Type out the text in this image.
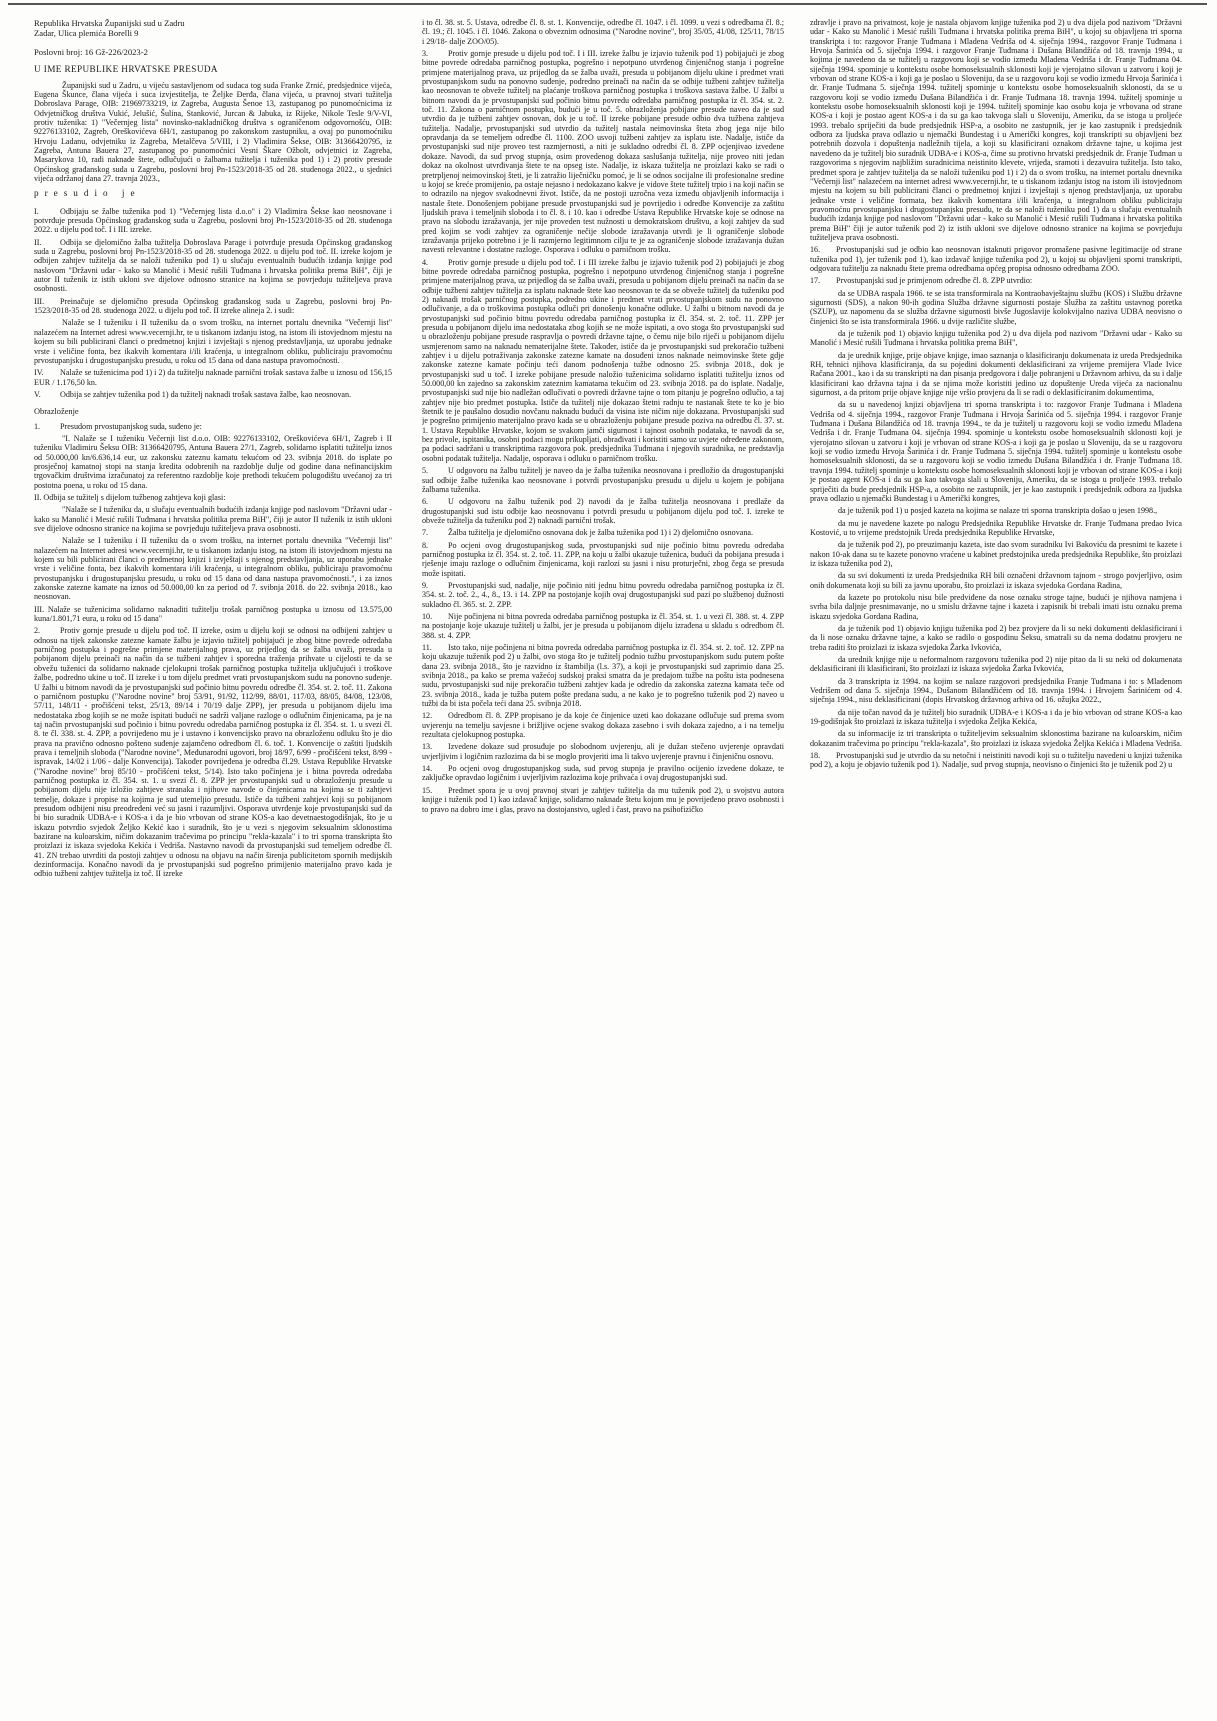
Republika Hrvatska Županijski sud u Zadru
Zadar, Ulica plemića Borelli 9
Poslovni broj: 16 Gž-226/2023-2
U IME REPUBLIKE HRVATSKE PRESUDA

Županijski sud u Zadru, u vijeću sastavljenom od sudaca tog suda Franke Zrnić, predsjednice vijeća, Eugena Škunce, člana vijeća i suca izvjestitelja, te Željke Đerđa, člana vijeća, u pravnoj stvari tužitelja Dobroslava Parage, OIB: 21969733219, iz Zagreba, Augusta Šenoe 13, zastupanog po punomoćnicima iz Odvjetničkog društva Vukić, Jelušić, Šulina, Stanković, Jurcan & Jabuka, iz Rijeke, Nikole Tesle 9/V-VI, protiv tuženika: 1) "Večernjeg lista" novinsko-nakladničkog društva s ograničenom odgovornošću, OIB: 92276133102, Zagreb, Oreškovićeva 6H/1, zastupanog po zakonskom zastupniku, a ovaj po punomoćniku Hrvoju Ladanu, odvjetniku iz Zagreba, Metalčeva 5/VIII, i 2) Vladimira Šekse, OIB: 31366420795, iz Zagreba, Antuna Bauera 27, zastupanog po punomoćnici Vesni Škare Ožbolt, odvjetnici iz Zagreba, Masarykova 10, radi naknade štete, odlučujući o žalbama tužitelja i tuženika pod 1) i 2) protiv presude Općinskog građanskog suda u Zagrebu, poslovni broj Pn-1523/2018-35 od 28. studenoga 2022., u sjednici vijeća održanoj dana 27. travnja 2023.,

presudio je

I.	Odbijaju se žalbe tuženika pod 1) "Večernjeg lista d.o.o" i 2) Vladimira Šekse kao neosnovane i potvrđuje presuda Općinskog građanskog suda u Zagrebu, poslovni broj Pn-1523/2018-35 od 28. studenoga 2022. u dijelu pod toč. I i III. izreke.

II. Odbija se djelomično žalba tužitelja Dobroslava Parage i potvrđuje presuda Općinskog građanskog suda u Zagrebu, poslovni broj Pn-1523/2018-35 od 28. studenoga 2022. u dijelu pod toč. II. izreke kojom je odbijen zahtjev tužitelja da se naloži tuženiku pod 1) u slučaju eventualnih budućih izdanja knjige pod naslovom "Državni udar - kako su Manolić i Mesić rušili Tuđmana i hrvatska politika prema BiH", čiji je autor II tuženik iz istih ukloni sve dijelove odnosno stranice na kojima se povrjeđuju tužiteljeva prava osobnosti.

III. Preinačuje se djelomično presuda Općinskog građanskog suda u Zagrebu, poslovni broj Pn-1523/2018-35 od 28. studenoga 2022. u dijelu pod toč. II izreke alineja 2. i sudi:

Nalaže se I tuženiku i II tuženiku da o svom trošku, na internet portalu dnevnika "Večernji list" nalazećem na Internet adresi www.vecernji.hr, te u tiskanom izdanju istog, na istom ili istovjednom mjestu na kojem su bili publicirani članci o predmetnoj knjizi i izvještaji s njenog predstavljanja, uz uporabu jednake vrste i veličine fonta, bez ikakvih komentara i/ili kraćenja, u integralnom obliku, publiciraju pravomoćnu prvostupanjsku i drugostupanjsku presudu, u roku od 15 dana od dana nastupa pravomoćnosti.

IV. Nalaže se tuženicima pod 1) i 2) da tužitelju naknade parnični trošak sastava žalbe u iznosu od 156,15 EUR / 1.176,50 kn.

V. Odbija se zahtjev tuženika pod 1) da tužitelj naknadi trošak sastava žalbe, kao neosnovan.

Obrazloženje

1. Presudom prvostupanjskog suda, suđeno je:

"I. Nalaže se I tuženiku Večernji list d.o.o. OIB: 92276133102, Oreškovićeva 6H/1, Zagreb i II tuženiku Vladimiru Šeksu OIB: 31366420795, Antuna Bauera 27/1, Zagreb, solidarno isplatiti tužitelju iznos od 50.000,00 kn/6.636,14 eur, uz zakonsku zateznu kamatu tekućom od 23. svibnja 2018. do isplate po prosječnoj kamatnoj stopi na stanja kredita odobrenih na razdoblje dulje od godine dana nefinancijskim trgovačkim društvima izračunatoj za referentno razdoblje koje prethodi tekućem polugodištu uvećanoj za tri postotna poena, u roku od 15 dana.

II. Odbija se tužitelj s dijelom tužbenog zahtjeva koji glasi:

"Nalaže se I tuženiku da, u slučaju eventualnih budućih izdanja knjige pod naslovom "Državni udar - kako su Manolić i Mesić rušili Tuđmana i hrvatska politika prema BiH", čiji je autor II tuženik iz istih ukloni sve dijelove odnosno stranice na kojima se povrjeđuju tužiteljeva prava osobnosti.

Nalaže se I tuženiku i II tuženiku da o svom trošku, na internet portalu dnevnika "Večernji list" nalazećem na Internet adresi www.vecernji.hr, te u tiskanom izdanju istog, na istom ili istovjednom mjestu na kojem su bili publicirani članci o predmetnoj knjizi i izvještaji s njenog predstavljanja, uz uporabu jednake vrste i veličine fonta, bez ikakvih komentara i/ili kraćenja, u integralnom obliku, publiciraju pravomoćnu prvostupanjsku i drugostupanjsku presudu, u roku od 15 dana od dana nastupa pravomoćnosti.", i za iznos zakonske zatezne kamate na iznos od 50.000,00 kn za period od 7. svibnja 2018. do 22. svibnja 2018., kao neosnovan.

III. Nalaže se tuženicima solidarno naknaditi tužitelju trošak parničnog postupka u iznosu od 13.575,00 kuna/1.801,71 eura, u roku od 15 dana"

2. Protiv gornje presude u dijelu pod toč. II izreke, osim u dijelu koji se odnosi na odbijeni zahtjev u odnosu na tijek zakonske zatezne kamate žalbu je izjavio tužitelj pobijajući je zbog bitne povrede odredaba parničnog postupka i pogrešne primjene materijalnog prava, uz prijedlog da se žalba uvaži, presuda u pobijanom dijelu preinači na način da se tužbeni zahtjev i sporedna traženja prihvate u cijelosti te da se obvežu tuženici da solidarno naknade cjelokupni trošak parničnog postupka tužitelja uključujući i troškove žalbe, podredno ukine u toč. II izreke i u tom dijelu predmet vrati prvostupanjskom sudu na ponovno suđenje. U žalbi u bitnom navodi da je prvostupanjski sud počinio bitnu povredu odredbe čl. 354. st. 2. toč. 11. Zakona o parničnom postupku ("Narodne novine" broj 53/91, 91/92, 112/99, 88/01, 117/03, 88/05, 84/08, 123/08, 57/11, 148/11 - pročišćeni tekst, 25/13, 89/14 i 70/19 dalje ZPP), jer presuda u pobijanom dijelu ima nedostataka zbog kojih se ne može ispitati budući ne sadrži valjane razloge o odlučnim činjenicama, pa je na taj način prvostupanjski sud počinio i bitnu povredu odredaba parničnog postupka iz čl. 354. st. 1. u svezi čl. 8. te čl. 338. st. 4. ZPP, a povrijeđeno mu je i ustavno i konvencijsko pravo na obrazloženu odluku što je dio prava na pravično odnosno pošteno suđenje zajamčeno odredbom čl. 6. toč. 1. Konvencije o zaštiti ljudskih prava i temeljnih sloboda ("Narodne novine", Međunarodni ugovori, broj 18/97, 6/99 - pročišćeni tekst, 8/99 - ispravak, 14/02 i 1/06 - dalje Konvencija). Također povrijeđena je odredba čl.29. Ustava Republike Hrvatske ("Narodne novine" broj 85/10 - pročišćeni tekst, 5/14). Isto tako počinjena je i bitna povreda odredaba parničnog postupka iz čl. 354. st. 1. u svezi čl. 8. ZPP jer prvostupanjski sud u obrazloženju presude u pobijanom dijelu nije izložio zahtjeve stranaka i njihove navode o činjenicama na kojima se ti zahtjevi temelje, dokaze i propise na kojima je sud utemeljio presudu. Ističe da tužbeni zahtjevi koji su pobijanom presudom odbijeni nisu preodređeni već su jasni i razumljivi. Osporava utvrđenje koje prvostupanjski sud da bi bio suradnik UDBA-e i KOS-a i da je bio vrbovan od strane KOS-a kao devetnaestogodišnjak, što je u iskazu potvrdio svjedok Željko Kekić kao i suradnik, što je u vezi s njegovim seksualnim sklonostima bazirane na kuloarskim, ničim dokazanim tračevima po principu "rekla-kazala" i to tri sporna transkripta što proizlazi iz iskaza svjedoka Kekića i Vedriša. Nastavno navodi da prvostupanjski sud temeljem odredbe čl. 41. ZN trebao utvrditi da postoji zahtjev u odnosu na objavu na način širenja publicitetom spornih medijskih dezinformacija. Konačno navodi da je prvostupanjski sud pogrešno primijenio materijalno pravo kada je odbio tužbeni zahtjev tužitelja iz toč. II izreke

i to čl. 38. st. 5. Ustava, odredbe čl. 8. st. 1. Konvencije, odredbe čl. 1047. i čl. 1099. u vezi s odredbama čl. 8.; čl. 19.; čl. 1045. i čl. 1046. Zakona o obveznim odnosima ("Narodne novine", broj 35/05, 41/08, 125/11, 78/15 i 29/18- dalje ZOO/05).

3. Protiv gornje presude u dijelu pod toč. I i III. izreke žalbu je izjavio tuženik pod 1) pobijajući je zbog bitne povrede odredaba parničnog postupka, pogrešno i nepotpuno utvrđenog činjeničnog stanja i pogrešne primjene materijalnog prava, uz prijedlog da se žalba uvaži, presuda u pobijanom dijelu ukine i predmet vrati prvostupanjskom sudu na ponovno suđenje, podredno preinači na način da se odbije tužbeni zahtjev tužitelja kao neosnovan te obveže tužitelj na plaćanje troškova parničnog postupka i troškova sastava žalbe. U žalbi u bitnom navodi da je prvostupanjski sud počinio bitnu povredu odredaba parničnog postupka iz čl. 354. st. 2. toč. 11. Zakona o parničnom postupku, budući je u toč. 5. obrazloženja pobijane presude naveo da je sud utvrdio da je tužbeni zahtjev osnovan, dok je u toč. II izreke pobijane presude odbio dva tužbena zahtjeva tužitelja. Nadalje, prvostupanjski sud utvrdio da tužitelj nastala neimovinska šteta zbog jega nije bilo opravdanja da se temeljem odredbe čl. 1100. ZOO usvoji tužbeni zahtjev za isplatu iste. Nadalje, ističe da prvostupanjski sud nije proveo test razmjernosti, a niti je sukladno odredbi čl. 8. ZPP ocjenjivao izvedene dokaze. Navodi, da sud prvog stupnja, osim provedenog dokaza saslušanja tužitelja, nije proveo niti jedan dokaz na okolnost utvrđivanja štete te na opseg iste. Nadalje, iz iskaza tužitelja ne proizlazi kako se radi o pretrpljenoj neimovinskoj šteti, je li zatražio liječničku pomoć, je li se odnos socijalne ili profesionalne sredine u kojoj se kreće promijenio, pa ostaje nejasno i nedokazano kakve je vidove štete tužitelj trpio i na koji način se to odrazilo na njegov svakodnevni život. Ističe, da ne postoji uzročna veza između objavljenih informacija i nastale štete. Donošenjem pobijane presude prvostupanjski sud je povrijedio i odredbe Konvencije za zaštitu ljudskih prava i temeljnih sloboda i to čl. 8. i 10. kao i odredbe Ustava Republike Hrvatske koje se odnose na pravo na slobodu izražavanja, jer nije proveden test nužnosti u demokratskom društvu, a koji zahtjev da sud pred kojim se vodi zahtjev za ograničenje nečije slobode izražavanja utvrdi je li ograničenje slobode izražavanja prijeko potrebno i je li razmjerno legitimnom cilju te je za ograničenje slobode izražavanja dužan navesti relevantne i dostatne razloge. Osporava i odluku o parničnom trošku.

4. Protiv gornje presude u dijelu pod toč. I i III izreke žalbu je izjavio tuženik pod 2) pobijajući je zbog bitne povrede odredaba parničnog postupka, pogrešno i nepotpuno utvrđenog činjeničnog stanja i pogrešne primjene materijalnog prava, uz prijedlog da se žalba uvaži, presuda u pobijanom dijelu preinači na način da se odbije tužbeni zahtjev tužitelja za isplatu naknade štete kao neosnovan te da se obveže tužitelj da tuženiku pod 2) naknadi trošak parničnog postupka, podredno ukine i predmet vrati prvostupanjskom sudu na ponovno odlučivanje, a da o troškovima postupka odluči pri donošenju konačne odluke. U žalbi u bitnom navodi da je prvostupanjski sud počinio bitnu povredu odredaba parničnog postupka iz čl. 354. st. 2. toč. 11. ZPP jer presuda u pobijanom dijelu ima nedostataka zbog kojih se ne može ispitati, a ovo stoga što prvostupanjski sud u obrazloženju pobijane presude raspravlja o povredi državne tajne, o čemu nije bilo riječi u pobijanom dijelu usmjerenom samo na naknadu nematerijalne štete. Također, ističe da je prvostupanjski sud prekoračio tužbeni zahtjev i u dijelu potraživanja zakonske zatezne kamate na dosuđeni iznos naknade neimovinske štete gdje zakonske zatezne kamate počinju teći danom podnošenja tužbe odnosno 25. svibnja 2018., dok je prvostupanjski sud u toč. I izreke pobijane presude naložio tuženicima solidarno isplatiti tužitelju iznos od 50.000,00 kn zajedno sa zakonskim zateznim kamatama tekućim od 23. svibnja 2018. pa do isplate. Nadalje, prvostupanjski sud nije bio nadležan odlučivati o povredi državne tajne o tom pitanju je pogrešno odlučio, a taj zahtjev nije bio predmet postupka. Ističe da tužitelj nije dokazao štetni radnju te nastanak štete te ko je bio štetnik te je paušalno dosudio novčanu naknadu budući da visina iste ničim nije dokazana. Prvostupanjski sud je pogrešno primijenio materijalno pravo kada se u obrazloženju pobijane presude poziva na odredbu čl. 37. st. 1. Ustava Republike Hrvatske, kojom se svakom jamči sigurnost i tajnost osobnih podataka, te navodi da se, bez privole, ispitanika, osobni podaci mogu prikupljati, obrađivati i koristiti samo uz uvjete određene zakonom, pa podaci sadržani u transkriptima razgovora pok. predsjednika Tuđmana i njegovih suradnika, ne predstavlja osobni podatak tužitelja. Nadalje, osporava i odluku o parničnom trošku.

5. U odgovoru na žalbu tužitelj je naveo da je žalba tuženika neosnovana i predložio da drugostupanjski sud odbije žalbe tuženika kao neosnovane i potvrdi prvostupanjsku presudu u dijelu u kojem je pobijana žalbama tuženika.

6. U odgovoru na žalbu tuženik pod 2) navodi da je žalba tužitelja neosnovana i predlaže da drugostupanjski sud istu odbije kao neosnovanu i potvrdi presudu u pobijanom dijelu pod toč. I. izreke te obveže tužitelja da tuženiku pod 2) naknadi parnični trošak.

7. Žalba tužitelja je djelomično osnovana dok je žalba tuženika pod 1) i 2) djelomično osnovana.

8. Po ocjeni ovog drugostupanjskog suda, prvostupanjski sud nije počinio bitnu povredu odredaba parničnog postupka iz čl. 354. st. 2. toč. 11. ZPP, na koju u žalbi ukazuje tuženica, budući da pobijana presuda i rješenje imaju razloge o odlučnim činjenicama, koji razlozi su jasni i nisu proturječni, zbog čega se presuda može ispitati.

9. Prvostupanjski sud, nadalje, nije počinio niti jednu bitnu povredu odredaba parničnog postupka iz čl. 354. st. 2. toč. 2., 4., 8., 13. i 14. ZPP na postojanje kojih ovaj drugostupanjski sud pazi po službenoj dužnosti sukladno čl. 365. st. 2. ZPP.

10. Nije počinjena ni bitna povreda odredaba parničnog postupka iz čl. 354. st. 1. u vezi čl. 388. st. 4. ZPP na postojanje koje ukazuje tužitelj u žalbi, jer je presuda u pobijanom dijelu izrađena u skladu s odredbom čl. 388. st. 4. ZPP.

11. Isto tako, nije počinjena ni bitna povreda odredaba parničnog postupka iz čl. 354. st. 2. toč. 12. ZPP na koju ukazuje tuženik pod 2) u žalbi, ovo stoga što je tužitelj podnio tužbu prvostupanjskom sudu putem pošte dana 23. svibnja 2018., što je razvidno iz štambilja (l.s. 37), a koji je prvostupanjski sud zaprimio dana 25. svibnja 2018., pa kako se prema važećoj sudskoj praksi smatra da je predajom tužbe na poštu ista podnesena sudu, prvostupanjski sud nije prekoračio tužbeni zahtjev kada je odredio da zakonska zatezna kamata teče od 23. svibnja 2018., kada je tužba putem pošte predana sudu, a ne kako je to pogrešno tuženik pod 2) naveo u tužbi da bi ista počela teći dana 25. svibnja 2018.

12. Odredbom čl. 8. ZPP propisano je da koje će činjenice uzeti kao dokazane odlučuje sud prema svom uvjerenju na temelju savjesne i brižljive ocjene svakog dokaza zasebno i svih dokaza zajedno, a i na temelju rezultata cjelokupnog postupka.

13. Izvedene dokaze sud prosuđuje po slobodnom uvjerenju, ali je dužan stečeno uvjerenje opravdati uvjerljivim i logičnim razlozima da bi se moglo provjeriti ima li takvo uvjerenje pravnu i činjeničnu osnovu.

14. Po ocjeni ovog drugostupanjskog suda, sud prvog stupnja je pravilno ocijenio izvedene dokaze, te zaključke opravdao logičnim i uvjerljivim razlozima koje prihvaća i ovaj drugostupanjski sud.

15. Predmet spora je u ovoj pravnoj stvari je zahtjev tužitelja da mu tuženik pod 2), u svojstvu autora knjige i tuženik pod 1) kao izdavač knjige, solidarno naknade štetu kojom mu je povrijeđeno pravo osobnosti i to pravo na dobro ime i glas, pravo na dostojanstvo, ugled i čast, pravo na psihofizičko

zdravlje i pravo na privatnost, koje je nastala objavom knjige tuženika pod 2) u dva dijela pod nazivom "Državni udar - Kako su Manolić i Mesić rušili Tuđmana i hrvatska politika prema BiH", u kojoj su objavljena tri sporna transkripta i to: razgovor Franje Tuđmana i Mladena Vedriša od 4. siječnja 1994., razgovor Franje Tuđmana i Hrvoja Šarinića od 5. siječnja 1994. i razgovor Franje Tuđmana i Dušana Bilandžića od 18. travnja 1994., u kojima je navedeno da se tužitelj u razgovoru koji se vodio između Mladena Vedriša i dr. Franje Tuđmana 04. siječnja 1994. spominje u kontekstu osobe homoseksualnih sklonosti koji je vjerojatno silovan u zatvoru i koji je vrbovan od strane KOS-a i koji ga je poslao u Sloveniju, da se u razgovoru koji se vodio između Hrvoja Šarinića i dr. Franje Tuđmana 5. siječnja 1994. tužitelj spominje u kontekstu osobe homoseksualnih sklonosti, da se u razgovoru koji se vodio između Dušana Bilandžića i dr. Franje Tuđmana 18. travnja 1994. tužitelj spominje u kontekstu osobe homoseksualnih sklonosti koji je 1994. tužitelj spominje kao osobu koja je vrbovana od strane KOS-a i koji je postao agent KOS-a i da su ga kao takvoga slali u Sloveniju, Ameriku, da se istoga u proljeće 1993. trebalo spriječiti da bude predsjednik HSP-a, a osobito ne zastupnik, jer je kao zastupnik i predsjednik odbora za ljudska prava odlazio u njemački Bundestag i u Američki kongres, koji transkripti su objavljeni bez potrebnih dozvola i dopuštenja nadležnih tijela, a koji su klasificirani oznakom državne tajne, u kojima jest navedeno da je tužitelj bio suradnik UDBA-e i KOS-a, čime su protivno hrvatski predsjednik dr. Franje Tuđman u razgovorima s njegovim najbližim suradnicima neistinito klevete, vrijeđa, sramoti i dezavuira tužitelja. Isto tako, predmet spora je zahtjev tužitelja da se naloži tuženiku pod 1) i 2) da o svom trošku, na internet portalu dnevnika "Večernji list" nalazećem na internet adresi www.vecernji.hr, te u tiskanom izdanju istog na istom ili istovjednom mjestu na kojem su bili publicirani članci o predmetnoj knjizi i izvještaji s njenog predstavljanja, uz uporabu jednake vrste i veličine formata, bez ikakvih komentara i/ili kraćenja, u integralnom obliku publiciraju pravomoćnu prvostupanjsku i drugostupanjsku presudu, te da se naloži tuženiku pod 1) da u slučaju eventualnih budućih izdanja knjige pod naslovom "Državni udar - kako su Manolić i Mesić rušili Tuđmana i hrvatska politika prema BiH" čiji je autor tuženik pod 2) iz istih ukloni sve dijelove odnosno stranice na kojima se povrjeđuju tužiteljeva prava osobnosti.

16. Prvostupanjski sud je odbio kao neosnovan istaknuti prigovor promašene pasivne legitimacije od strane tuženika pod 1), jer tuženik pod 1), kao izdavač knjige tuženika pod 2), u kojoj su objavljeni sporni transkripti, odgovara tužitelju za naknadu štete prema odredbama općeg propisa odnosno odredbama ZOO.

17. Prvostupanjski sud je primjenom odredbe čl. 8. ZPP utvrdio:

da se UDBA raspala 1966. te se ista transformirala na Kontraobavještajnu službu (KOS) i Službu državne sigurnosti (SDS), a nakon 90-ih godina Služba državne sigurnosti postaje Služba za zaštitu ustavnog poretka (SZUP), uz napomenu da se služba državne sigurnosti bivše Jugoslavije kolokvijalno naziva UDBA neovisno o činjenici što se ista transformirala 1966. u dvije različite službe,

da je tuženik pod 1) objavio knjigu tuženika pod 2) u dva dijela pod nazivom "Državni udar - Kako su Manolić i Mesić rušili Tuđmana i hrvatska politika prema BiH",

da je urednik knjige, prije objave knjige, imao saznanja o klasificiranju dokumenata iz ureda Predsjednika RH, tehnici njihova klasificiranja, da su pojedini dokumenti deklasificirani za vrijeme premijera Vlade Ivice Račana 2001., kao i da su transkripti na dan pisanja predgovora i dalje pohranjeni u Državnom arhivu, da su i dalje klasificirani kao državna tajna i da se njima može koristiti jedino uz dopuštenje Ureda vijeća za nacionalnu sigurnost, a da pritom prije objave knjige nije vršio provjeru da li se radi o deklasificiranim dokumentima,

da su u navedenoj knjizi objavljena tri sporna transkripta i to: razgovor Franje Tuđmana i Mladena Vedriša od 4. siječnja 1994., razgovor Franje Tuđmana i Hrvoja Šarinića od 5. siječnja 1994. i razgovor Franje Tuđmana i Dušana Bilandžića od 18. travnja 1994., te da je tužitelj u razgovoru koji se vodio između Mladena Vedriša i dr. Franje Tuđmana 04. siječnja 1994. spominje u kontekstu osobe homoseksualnih sklonosti koji je vjerojatno silovan u zatvoru i koji je vrbovan od strane KOS-a i koji ga je poslao u Sloveniju, da se u razgovoru koji se vodio između Hrvoja Šarinića i dr. Franje Tuđmana 5. siječnja 1994. tužitelj spominje u kontekstu osobe homoseksualnih sklonosti, da se u razgovoru koji se vodio između Dušana Bilandžića i dr. Franje Tuđmana 18. travnja 1994. tužitelj spominje u kontekstu osobe homoseksualnih sklonosti koji je vrbovan od strane KOS-a i koji je postao agent KOS-a i da su ga kao takvoga slali u Sloveniju, Ameriku, da se istoga u proljeće 1993. trebalo spriječiti da bude predsjednik HSP-a, a osobito ne zastupnik, jer je kao zastupnik i predsjednik odbora za ljudska prava odlazio u njemački Bundestag i u Američki kongres,

da je tuženik pod 1) u posjed kazeta na kojima se nalaze tri sporna transkripta došao u jesen 1998.,

da mu je navedene kazete po nalogu Predsjednika Republike Hrvatske dr. Franje Tuđmana predao Ivica Kostović, u to vrijeme predstojnik Ureda predsjednika Republike Hrvatske,

da je tuženik pod 2), po preuzimanju kazeta, iste dao svom suradniku Ivi Bakoviću da presnimi te kazete i nakon 10-ak dana su te kazete ponovno vraćene u kabinet predstojnika ureda predsjednika Republike, što proizlazi iz iskaza tuženika pod 2),

da su svi dokumenti iz ureda Predsjednika RH bili označeni državnom tajnom - strogo povjerljivo, osim onih dokumenata koji su bili za javnu uporabu, što proizlazi iz iskaza svjedoka Gordana Radina,

da kazete po protokolu nisu bile predviđene da nose oznaku stroge tajne, budući je njihova namjena i svrha bila daljnje presnimavanje, no u smislu državne tajne i kazeta i zapisnik bi trebali imati istu oznaku prema iskazu svjedoka Gordana Radina,

da je tuženik pod 1) objavio knjigu tuženika pod 2) bez provjere da li su neki dokumenti deklasificirani i da li nose oznaku državne tajne, a kako se radilo o gospodinu Šeksu, smatrali su da nema dodatnu provjeru ne treba raditi što proizlazi iz iskaza svjedoka Žarka Ivkovića,

da urednik knjige nije u neformalnom razgovoru tuženika pod 2) nije pitao da li su neki od dokumenata deklasificirani ili klasificirani, što proizlazi iz iskaza svjedoka Žarka Ivkovića,

da 3 transkripta iz 1994. na kojim se nalaze razgovori predsjednika Franje Tuđmana i to: s Mladenom Vedrišem od dana 5. siječnja 1994., Dušanom Bilandžićem od 18. travnja 1994. i Hrvojem Šarinićem od 4. siječnja 1994., nisu deklasificirani (dopis Hrvatskog državnog arhiva od 16. ožujka 2022.,

da nije točan navod da je tužitelj bio suradnik UDBA-e i KOS-a i da je bio vrbovan od strane KOS-a kao 19-godišnjak što proizlazi iz iskaza tužitelja i svjedoka Željka Kekića,

da su informacije iz tri transkripta o tužiteljevim seksualnim sklonostima bazirane na kuloarskim, ničim dokazanim tračevima po principu "rekla-kazala", što proizlazi iz iskaza svjedoka Željka Kekića i Mladena Vedriša.

18. Prvostupanjski sud je utvrdio da su netočni i neistiniti navodi koji su o tužitelju navedeni u knjizi tuženika pod 2), a koju je objavio tuženik pod 1). Nadalje, sud prvog stupnja, neovisno o činjenici što je tuženik pod 2) u
